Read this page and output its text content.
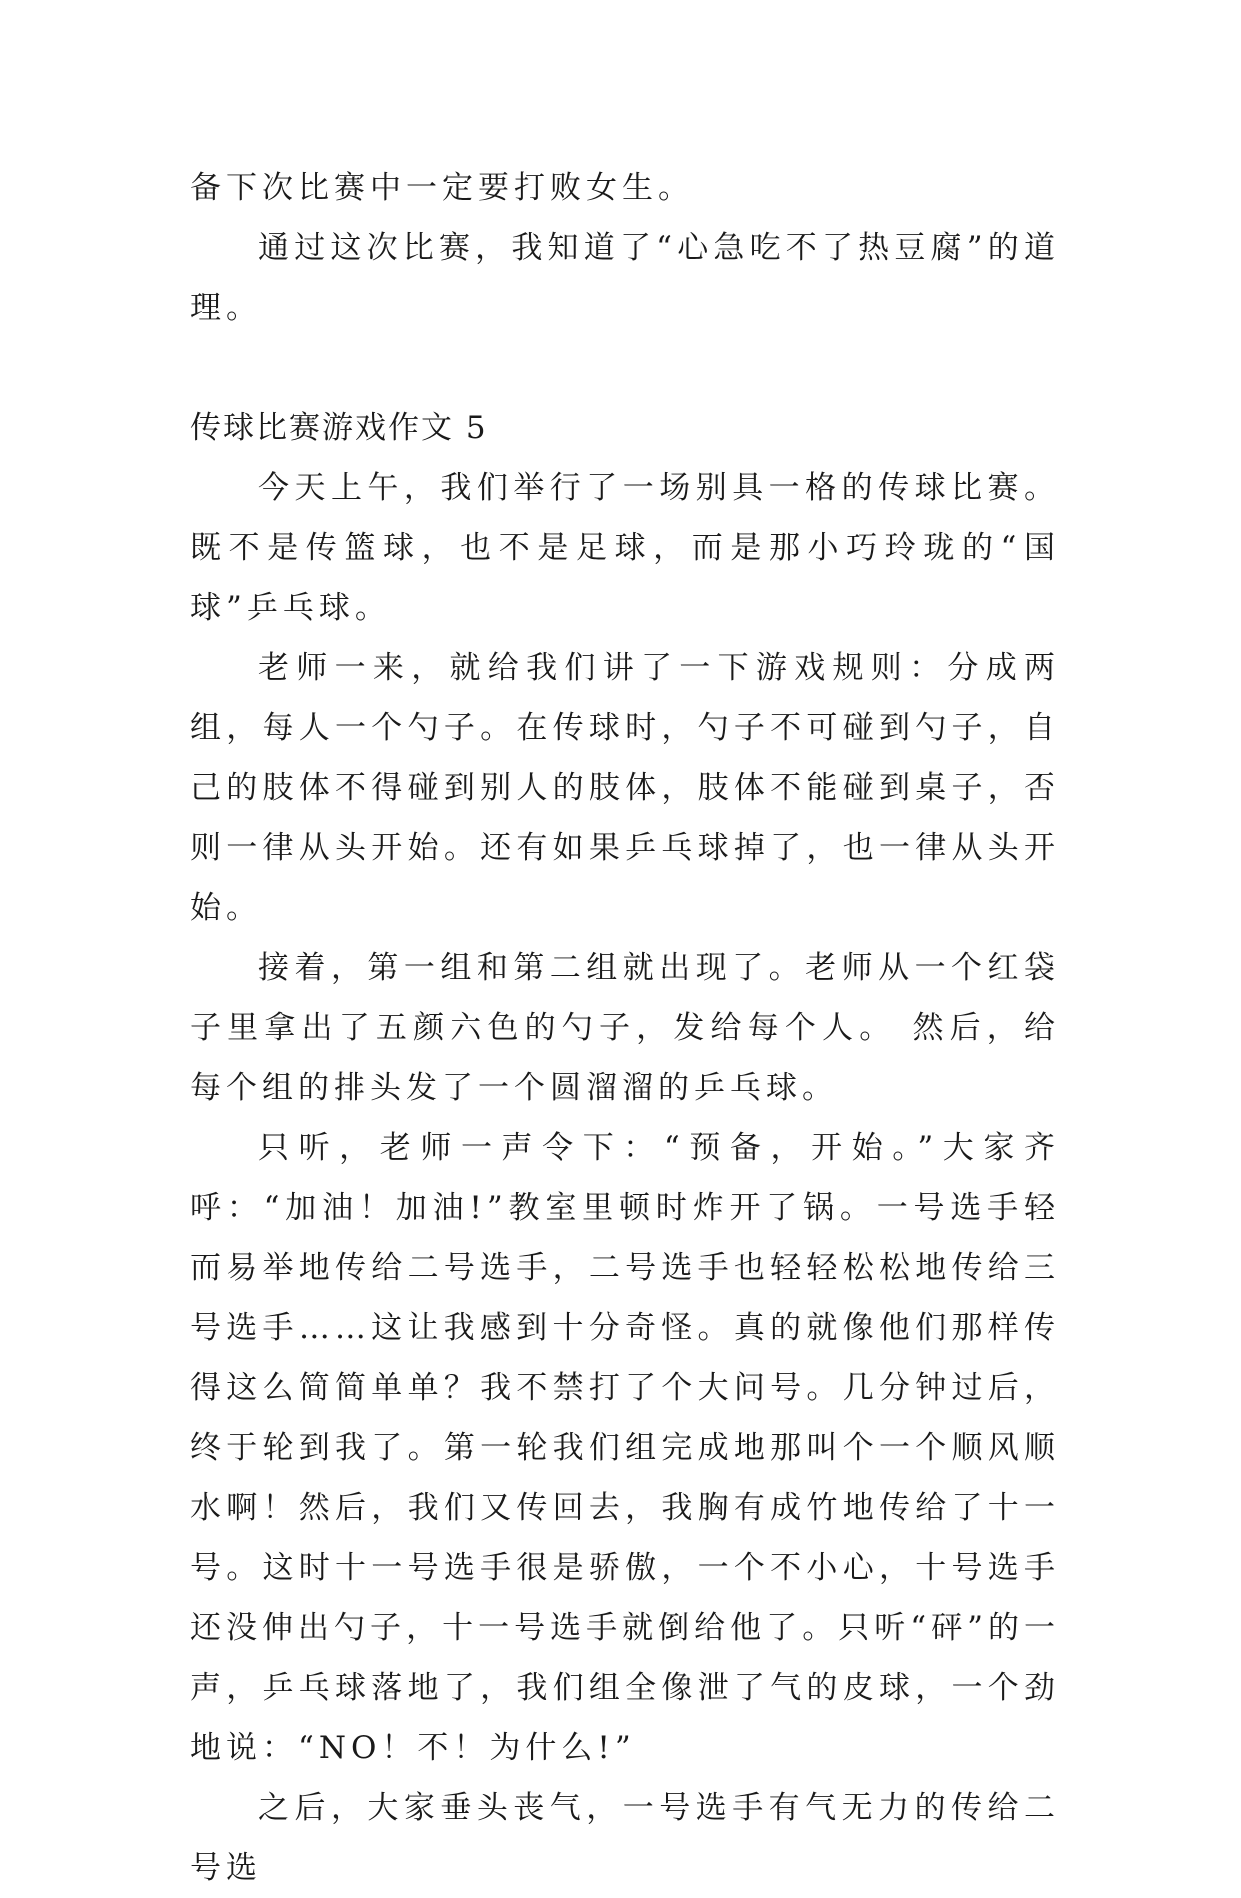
备下次比赛中一定要打败女生。

通过这次比赛，我知道了“心急吃不了热豆腐”的道理。

传球比赛游戏作文 5

今天上午，我们举行了一场别具一格的传球比赛。既不是传篮球，也不是足球，而是那小巧玲珑的“国球”乒乓球。

老师一来，就给我们讲了一下游戏规则：分成两组，每人一个勺子。在传球时，勺子不可碰到勺子，自己的肢体不得碰到别人的肢体，肢体不能碰到桌子，否则一律从头开始。还有如果乒乓球掉了，也一律从头开始。

接着，第一组和第二组就出现了。老师从一个红袋子里拿出了五颜六色的勺子，发给每个人。 然后，给每个组的排头发了一个圆溜溜的乒乓球。

只听，老师一声令下：“预备，开始。”大家齐呼：“加油！加油!”教室里顿时炸开了锅。一号选手轻而易举地传给二号选手，二号选手也轻轻松松地传给三号选手……这让我感到十分奇怪。真的就像他们那样传得这么简简单单？我不禁打了个大问号。几分钟过后，终于轮到我了。第一轮我们组完成地那叫个一个顺风顺水啊！然后，我们又传回去，我胸有成竹地传给了十一号。这时十一号选手很是骄傲，一个不小心，十号选手还没伸出勺子，十一号选手就倒给他了。只听“砰”的一声，乒乓球落地了，我们组全像泄了气的皮球，一个劲地说：“NO！不！为什么!”

之后，大家垂头丧气，一号选手有气无力的传给二号选
